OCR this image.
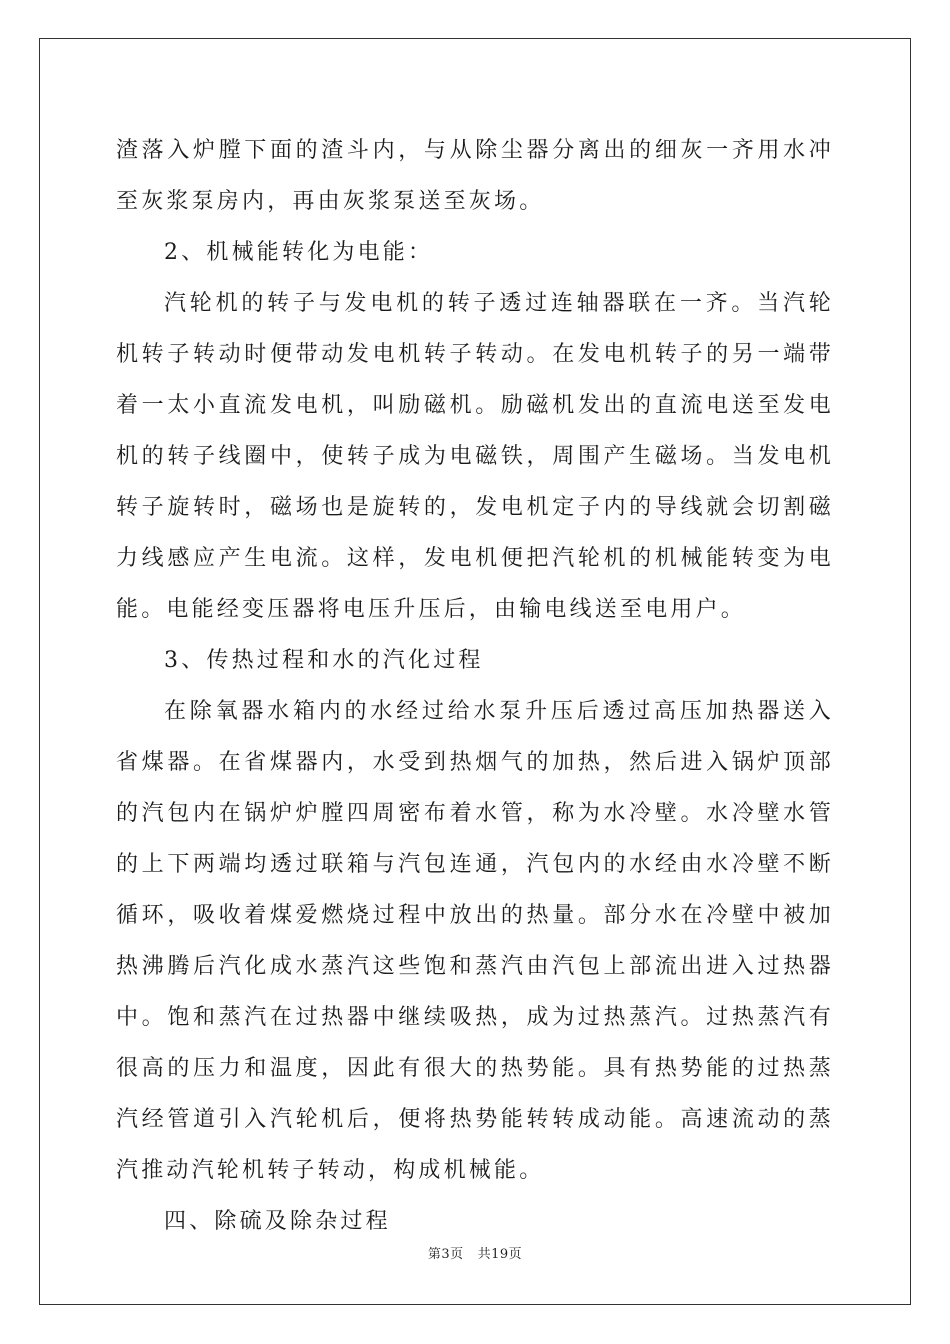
渣落入炉膛下面的渣斗内，与从除尘器分离出的细灰一齐用水冲至灰浆泵房内，再由灰浆泵送至灰场。

2、机械能转化为电能：

汽轮机的转子与发电机的转子透过连轴器联在一齐。当汽轮机转子转动时便带动发电机转子转动。在发电机转子的另一端带着一太小直流发电机，叫励磁机。励磁机发出的直流电送至发电机的转子线圈中，使转子成为电磁铁，周围产生磁场。当发电机转子旋转时，磁场也是旋转的，发电机定子内的导线就会切割磁力线感应产生电流。这样，发电机便把汽轮机的机械能转变为电能。电能经变压器将电压升压后，由输电线送至电用户。

3、传热过程和水的汽化过程

在除氧器水箱内的水经过给水泵升压后透过高压加热器送入省煤器。在省煤器内，水受到热烟气的加热，然后进入锅炉顶部的汽包内在锅炉炉膛四周密布着水管，称为水冷壁。水冷壁水管的上下两端均透过联箱与汽包连通，汽包内的水经由水冷壁不断循环，吸收着煤爱燃烧过程中放出的热量。部分水在冷壁中被加热沸腾后汽化成水蒸汽这些饱和蒸汽由汽包上部流出进入过热器中。饱和蒸汽在过热器中继续吸热，成为过热蒸汽。过热蒸汽有很高的压力和温度，因此有很大的热势能。具有热势能的过热蒸汽经管道引入汽轮机后，便将热势能转转成动能。高速流动的蒸汽推动汽轮机转子转动，构成机械能。

四、除硫及除杂过程

第3页 共19页
